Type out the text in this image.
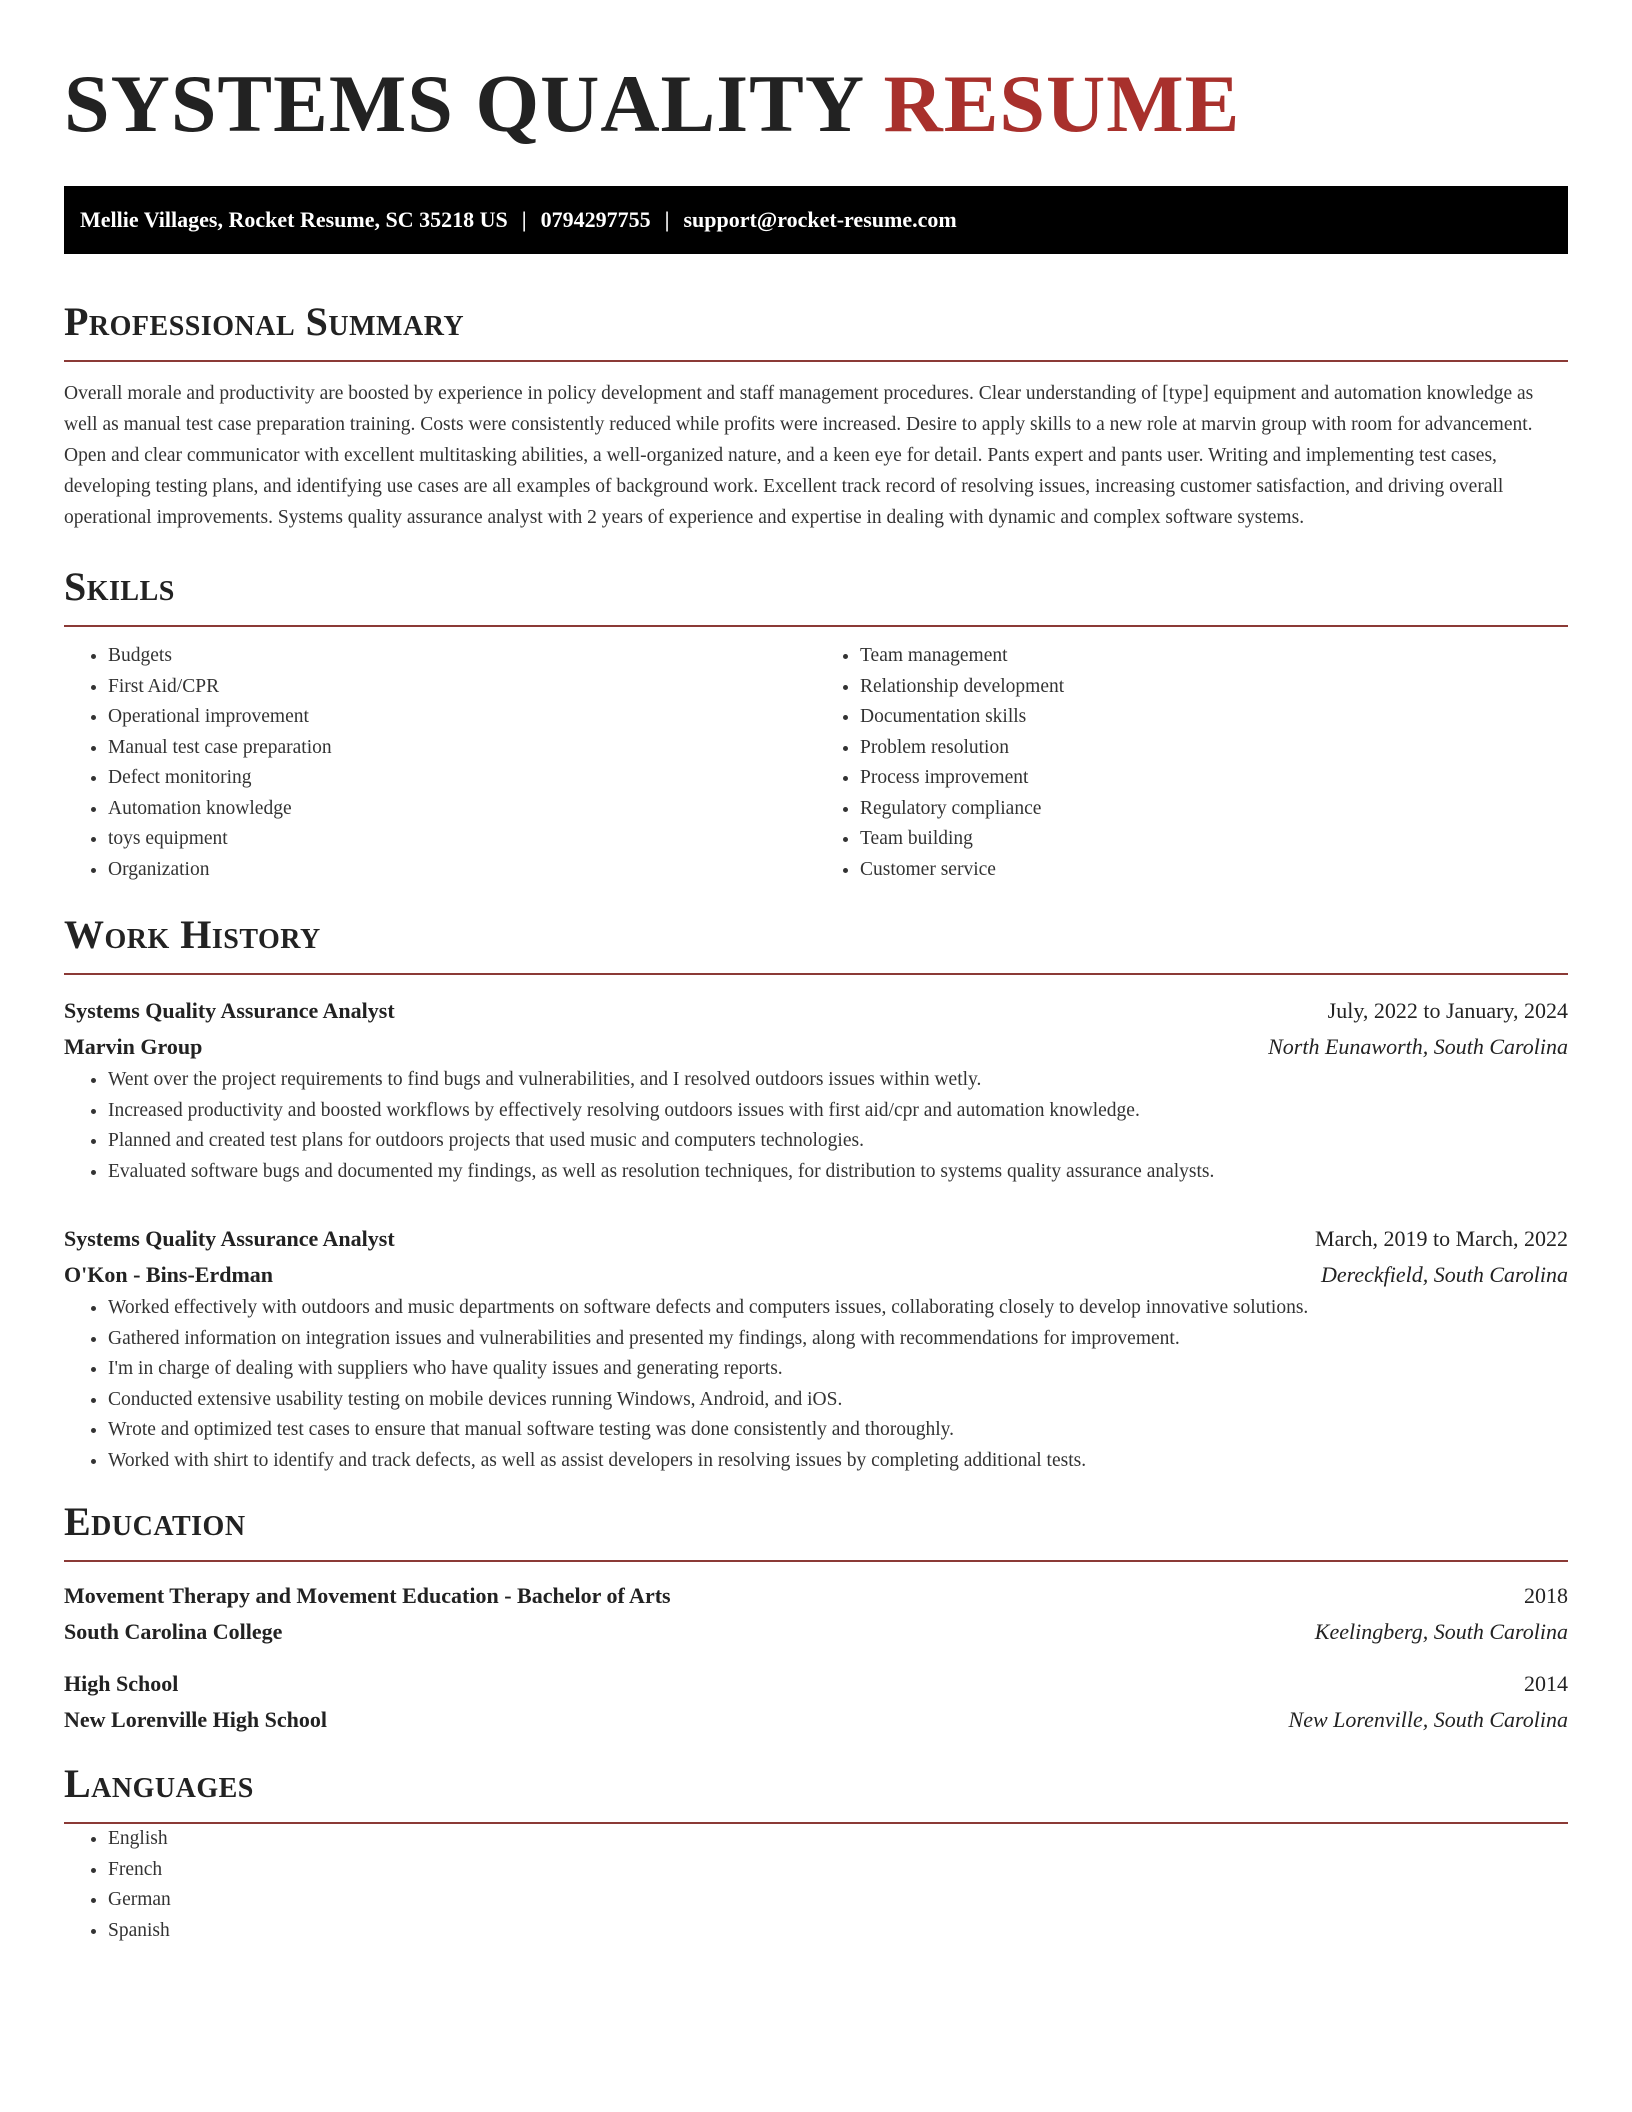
SYSTEMS QUALITY RESUME
Mellie Villages, Rocket Resume, SC 35218 US | 0794297755 | support@rocket-resume.com
Professional Summary

Overall morale and productivity are boosted by experience in policy development and staff management procedures. Clear understanding of [type] equipment and automation knowledge as well as manual test case preparation training. Costs were consistently reduced while profits were increased. Desire to apply skills to a new role at marvin group with room for advancement. Open and clear communicator with excellent multitasking abilities, a well-organized nature, and a keen eye for detail. Pants expert and pants user. Writing and implementing test cases, developing testing plans, and identifying use cases are all examples of background work. Excellent track record of resolving issues, increasing customer satisfaction, and driving overall operational improvements. Systems quality assurance analyst with 2 years of experience and expertise in dealing with dynamic and complex software systems.

Skills
• Budgets
• First Aid/CPR
• Operational improvement
• Manual test case preparation
• Defect monitoring
• Automation knowledge
• toys equipment
• Organization
• Team management
• Relationship development
• Documentation skills
• Problem resolution
• Process improvement
• Regulatory compliance
• Team building
• Customer service
Work History
Systems Quality Assurance Analyst	July, 2022 to January, 2024
Marvin Group	North Eunaworth, South Carolina
• Went over the project requirements to find bugs and vulnerabilities, and I resolved outdoors issues within wetly.
• Increased productivity and boosted workflows by effectively resolving outdoors issues with first aid/cpr and automation knowledge.
• Planned and created test plans for outdoors projects that used music and computers technologies.
• Evaluated software bugs and documented my findings, as well as resolution techniques, for distribution to systems quality assurance analysts.
Systems Quality Assurance Analyst	March, 2019 to March, 2022
O'Kon - Bins-Erdman	Dereckfield, South Carolina
• Worked effectively with outdoors and music departments on software defects and computers issues, collaborating closely to develop innovative solutions.
• Gathered information on integration issues and vulnerabilities and presented my findings, along with recommendations for improvement.
• I'm in charge of dealing with suppliers who have quality issues and generating reports.
• Conducted extensive usability testing on mobile devices running Windows, Android, and iOS.
• Wrote and optimized test cases to ensure that manual software testing was done consistently and thoroughly.
• Worked with shirt to identify and track defects, as well as assist developers in resolving issues by completing additional tests.
Education
Movement Therapy and Movement Education - Bachelor of Arts	2018
South Carolina College	Keelingberg, South Carolina
High School	2014
New Lorenville High School	New Lorenville, South Carolina
Languages
• English
• French
• German
• Spanish
